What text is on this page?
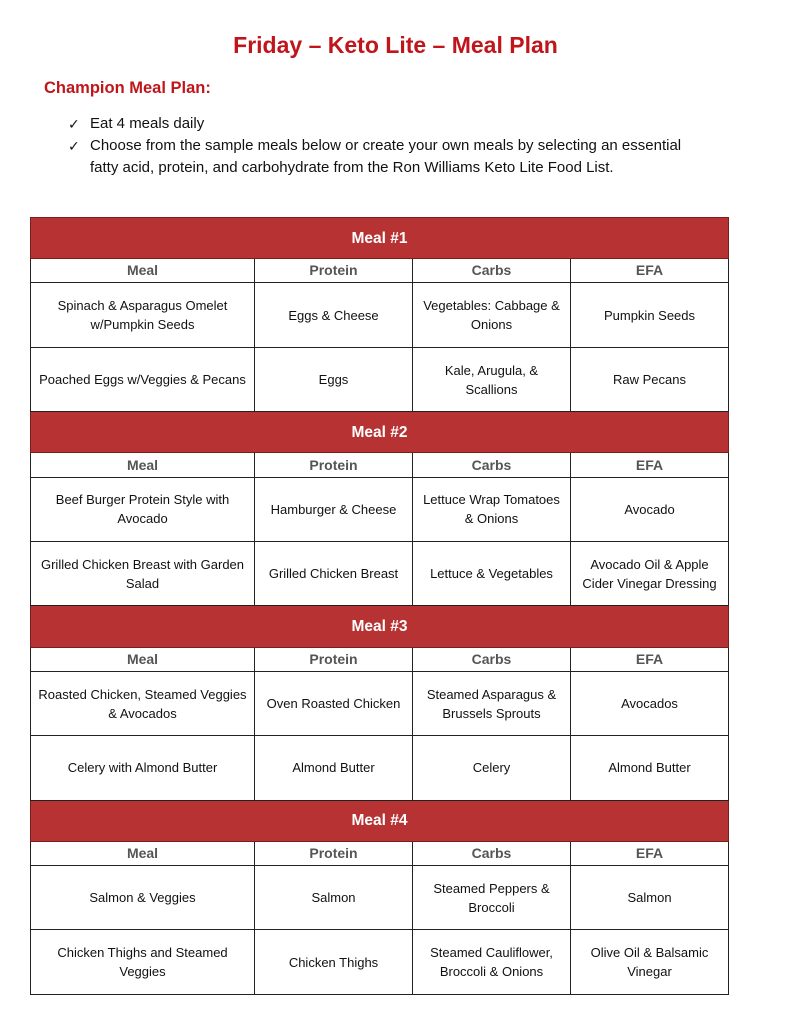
Friday – Keto Lite – Meal Plan
Champion Meal Plan:
✓ Eat 4 meals daily
✓ Choose from the sample meals below or create your own meals by selecting an essential fatty acid, protein, and carbohydrate from the Ron Williams Keto Lite Food List.
Meal #1			
Meal	Protein	Carbs	EFA
Spinach & Asparagus Omelet w/Pumpkin Seeds	Eggs & Cheese	Vegetables: Cabbage & Onions	Pumpkin Seeds
Poached Eggs w/Veggies & Pecans	Eggs	Kale, Arugula, & Scallions	Raw Pecans
Meal #2			
Meal	Protein	Carbs	EFA
Beef Burger Protein Style with Avocado	Hamburger & Cheese	Lettuce Wrap Tomatoes & Onions	Avocado
Grilled Chicken Breast with Garden Salad	Grilled Chicken Breast	Lettuce & Vegetables	Avocado Oil & Apple Cider Vinegar Dressing
Meal #3			
Meal	Protein	Carbs	EFA
Roasted Chicken, Steamed Veggies & Avocados	Oven Roasted Chicken	Steamed Asparagus & Brussels Sprouts	Avocados
Celery with Almond Butter	Almond Butter	Celery	Almond Butter
Meal #4			
Meal	Protein	Carbs	EFA
Salmon & Veggies	Salmon	Steamed Peppers & Broccoli	Salmon
Chicken Thighs and Steamed Veggies	Chicken Thighs	Steamed Cauliflower, Broccoli & Onions	Olive Oil & Balsamic Vinegar
